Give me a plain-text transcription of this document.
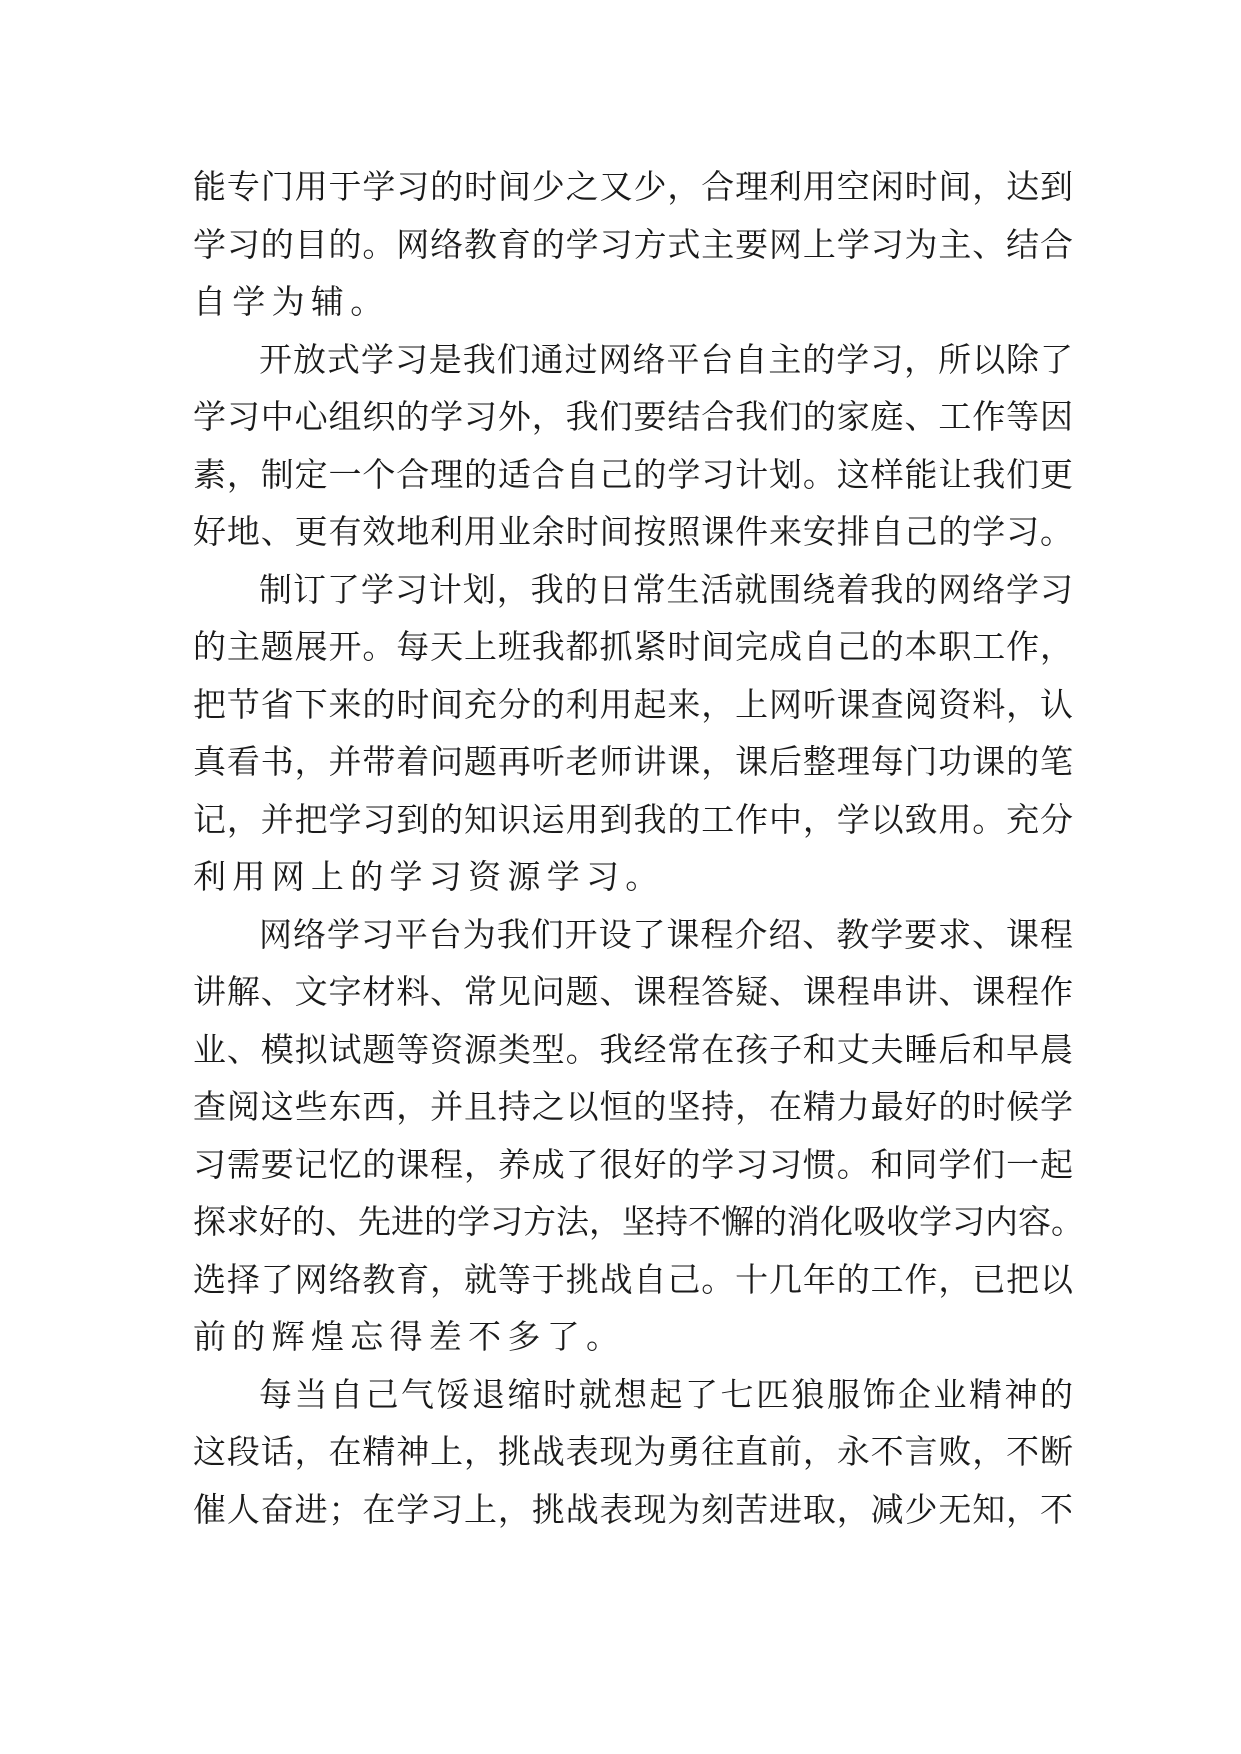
能专门用于学习的时间少之又少，合理利用空闲时间，达到
学习的目的。网络教育的学习方式主要网上学习为主、结合
自学为辅。
开放式学习是我们通过网络平台自主的学习，所以除了
学习中心组织的学习外，我们要结合我们的家庭、工作等因
素，制定一个合理的适合自己的学习计划。这样能让我们更
好地、更有效地利用业余时间按照课件来安排自己的学习。
制订了学习计划，我的日常生活就围绕着我的网络学习
的主题展开。每天上班我都抓紧时间完成自己的本职工作，
把节省下来的时间充分的利用起来，上网听课查阅资料，认
真看书，并带着问题再听老师讲课，课后整理每门功课的笔
记，并把学习到的知识运用到我的工作中，学以致用。充分
利用网上的学习资源学习。
网络学习平台为我们开设了课程介绍、教学要求、课程
讲解、文字材料、常见问题、课程答疑、课程串讲、课程作
业、模拟试题等资源类型。我经常在孩子和丈夫睡后和早晨
查阅这些东西，并且持之以恒的坚持，在精力最好的时候学
习需要记忆的课程，养成了很好的学习习惯。和同学们一起
探求好的、先进的学习方法，坚持不懈的消化吸收学习内容。
选择了网络教育，就等于挑战自己。十几年的工作，已把以
前的辉煌忘得差不多了。
每当自己气馁退缩时就想起了七匹狼服饰企业精神的
这段话，在精神上，挑战表现为勇往直前，永不言败，不断
催人奋进；在学习上，挑战表现为刻苦进取，减少无知，不
